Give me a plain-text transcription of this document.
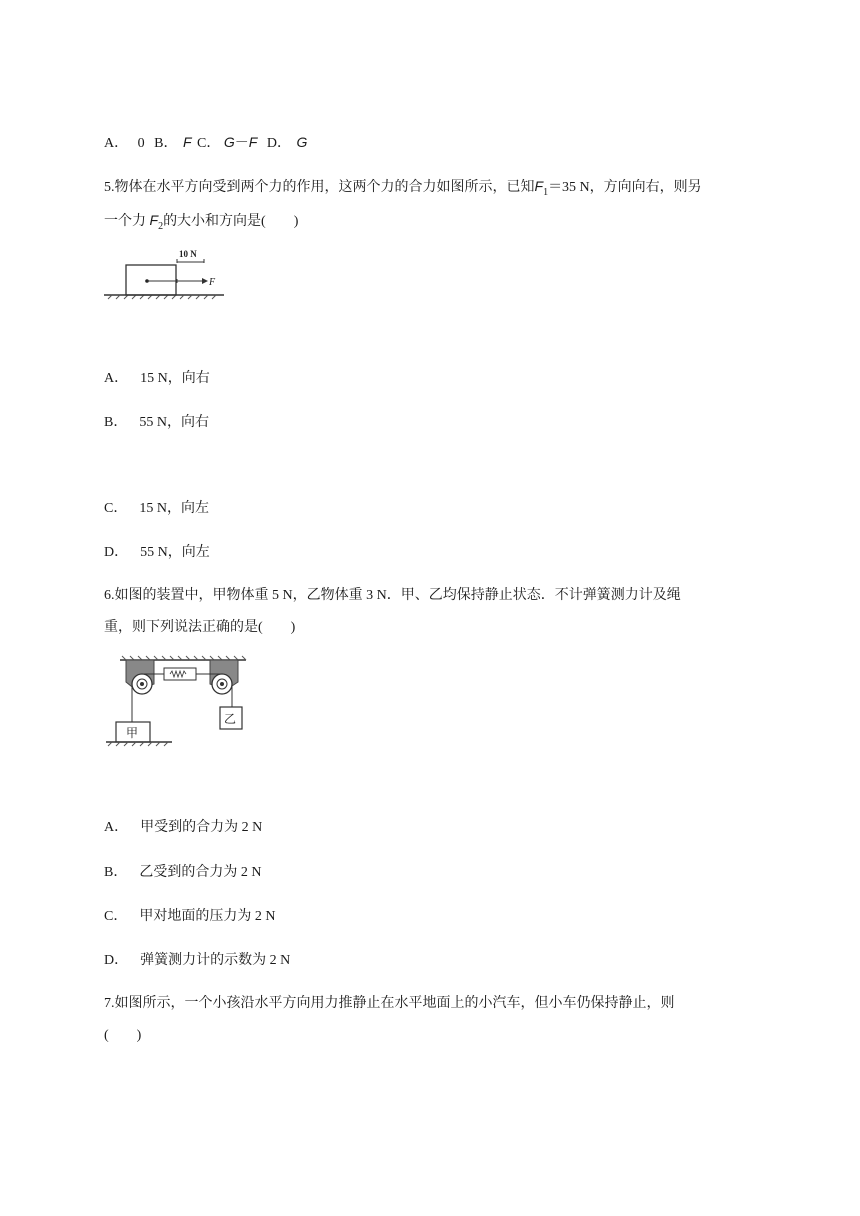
A． 0 B． F C． G－F D． G
5.物体在水平方向受到两个力的作用，这两个力的合力如图所示，已知$F_1=35$ N，方向向右，则另
一个力 $F_2$的大小和方向是(　　)
10 N
F
A． 15 N，向右
B． 55 N，向右
C． 15 N，向左
D． 55 N，向左
6.如图的装置中，甲物体重 5 N，乙物体重 3 N．甲、乙均保持静止状态．不计弹簧测力计及绳
重，则下列说法正确的是(　　)
甲
乙
A． 甲受到的合力为 2 N
B． 乙受到的合力为 2 N
C． 甲对地面的压力为 2 N
D． 弹簧测力计的示数为 2 N
7.如图所示，一个小孩沿水平方向用力推静止在水平地面上的小汽车，但小车仍保持静止，则
(　　)
